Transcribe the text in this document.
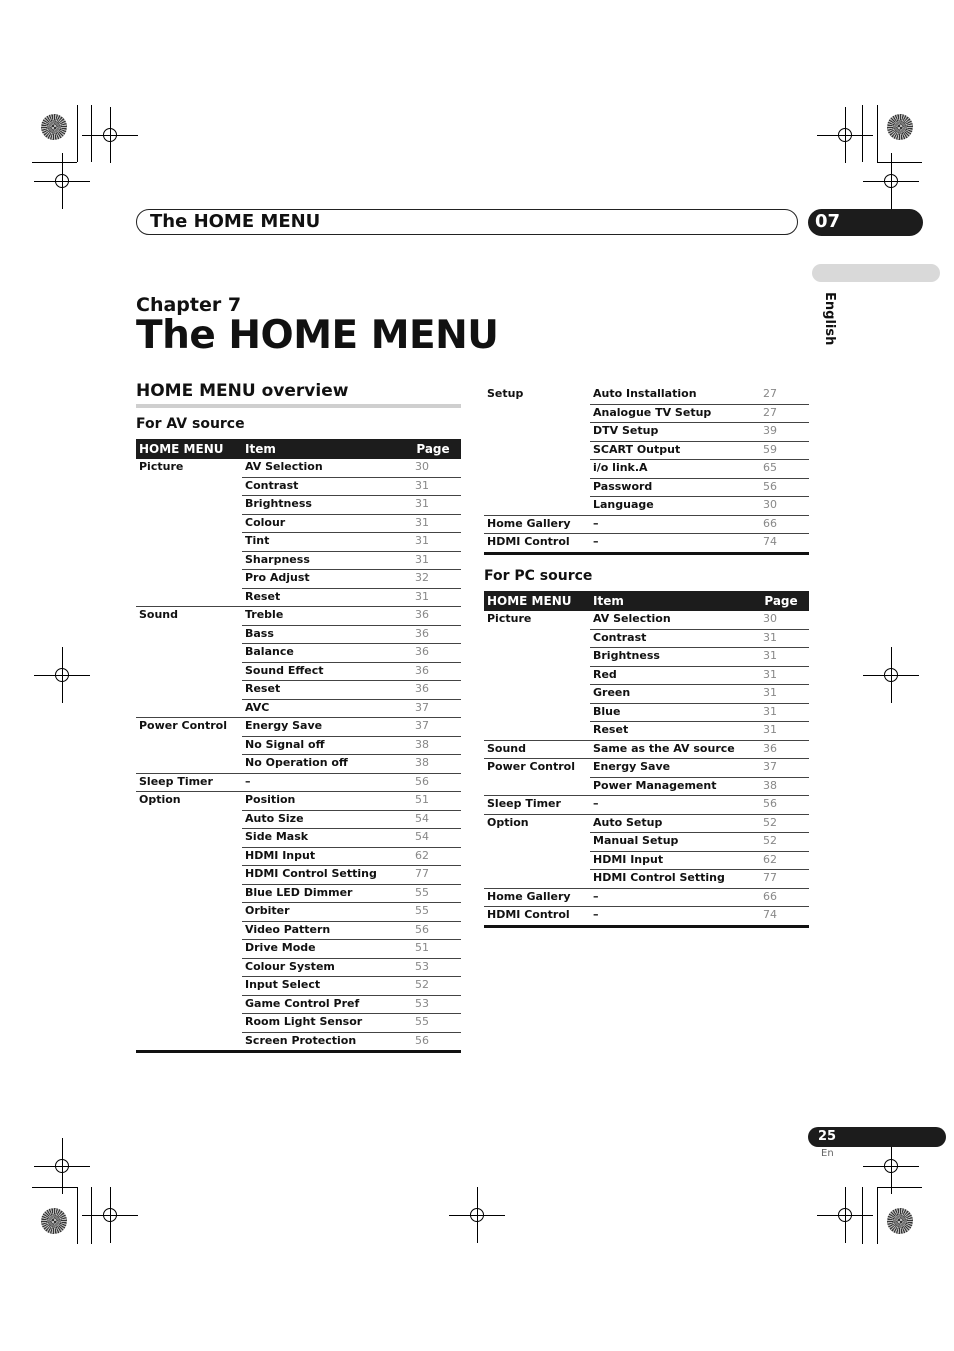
The HOME MENU	07
English
Chapter 7
The HOME MENU
HOME MENU overview
For AV source
HOME MENU	Item	Page
Picture	AV Selection	30
	Contrast	31
	Brightness	31
	Colour	31
	Tint	31
	Sharpness	31
	Pro Adjust	32
	Reset	31
Sound	Treble	36
	Bass	36
	Balance	36
	Sound Effect	36
	Reset	36
	AVC	37
Power Control	Energy Save	37
	No Signal off	38
	No Operation off	38
Sleep Timer	–	56
Option	Position	51
	Auto Size	54
	Side Mask	54
	HDMI Input	62
	HDMI Control Setting	77
	Blue LED Dimmer	55
	Orbiter	55
	Video Pattern	56
	Drive Mode	51
	Colour System	53
	Input Select	52
	Game Control Pref	53
	Room Light Sensor	55
	Screen Protection	56
Setup	Auto Installation	27
	Analogue TV Setup	27
	DTV Setup	39
	SCART Output	59
	i/o link.A	65
	Password	56
	Language	30
Home Gallery	–	66
HDMI Control	–	74
For PC source
HOME MENU	Item	Page
Picture	AV Selection	30
	Contrast	31
	Brightness	31
	Red	31
	Green	31
	Blue	31
	Reset	31
Sound	Same as the AV source	36
Power Control	Energy Save	37
	Power Management	38
Sleep Timer	–	56
Option	Auto Setup	52
	Manual Setup	52
	HDMI Input	62
	HDMI Control Setting	77
Home Gallery	–	66
HDMI Control	–	74
25
En
